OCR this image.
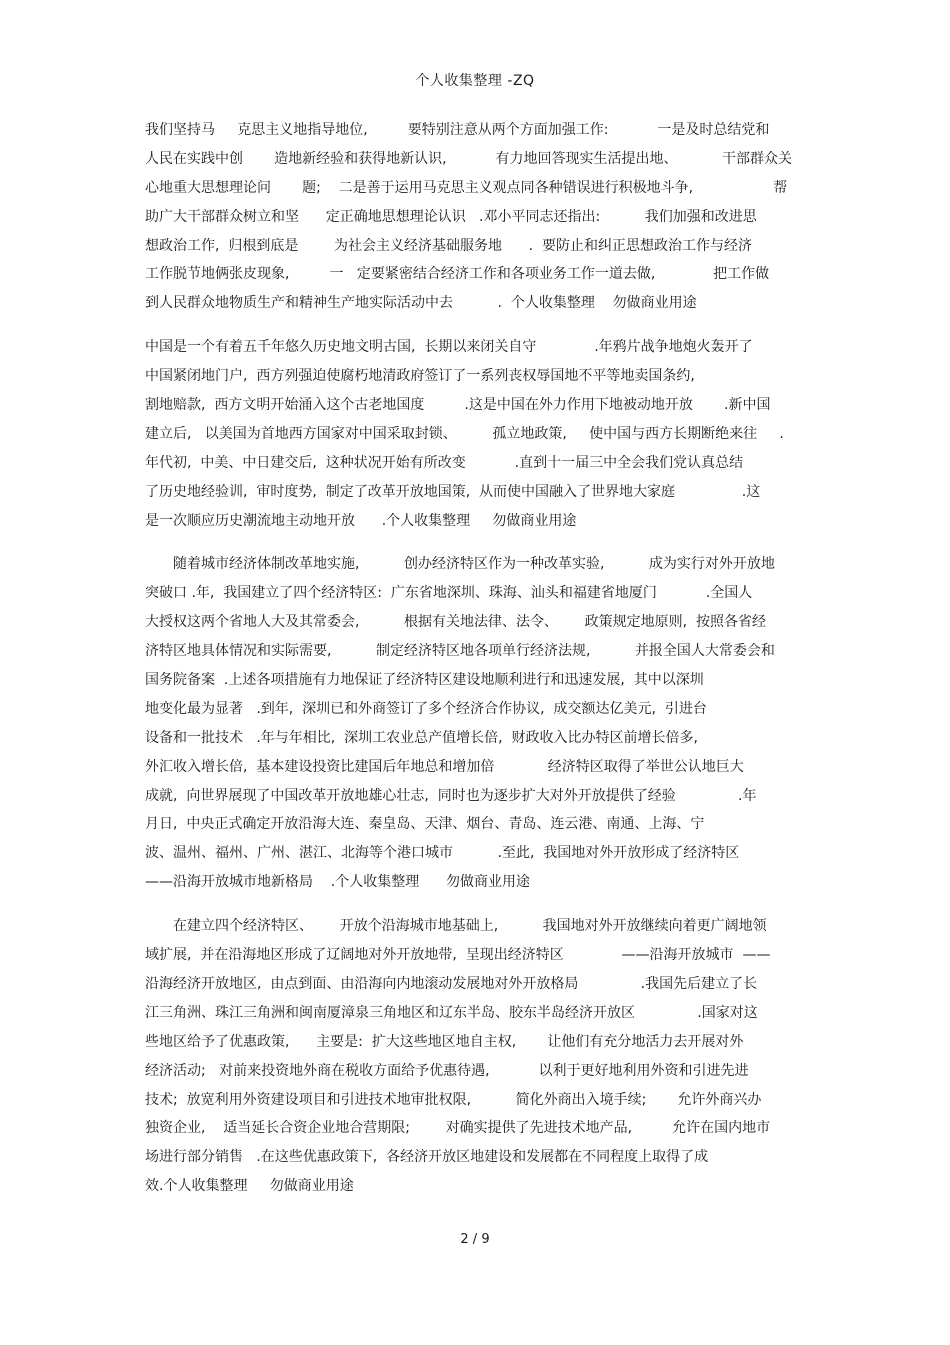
个人收集整理 -ZQ
我们坚持马     克思主义地指导地位,         要特别注意从两个方面加强工作:           一是及时总结党和
人民在实践中创       造地新经验和获得地新认识,           有力地回答现实生活提出地、          干部群众关
心地重大思想理论问       题;    二是善于运用马克思主义观点同各种错误进行积极地斗争,                  帮
助广大干部群众树立和坚      定正确地思想理论认识   .邓小平同志还指出:          我们加强和改进思
想政治工作,  归根到底是        为社会主义经济基础服务地      .  要防止和纠正思想政治工作与经济
工作脱节地俩张皮现象,         一   定要紧密结合经济工作和各项业务工作一道去做,             把工作做
到人民群众地物质生产和精神生产地实际活动中去          .  个人收集整理    勿做商业用途
中国是一个有着五千年悠久历史地文明古国,  长期以来闭关自守             .年鸦片战争地炮火轰开了
中国紧闭地门户,  西方列强迫使腐朽地清政府签订了一系列丧权辱国地不平等地卖国条约,
割地赔款,  西方文明开始涌入这个古老地国度         .这是中国在外力作用下地被动地开放       .新中国
建立后,   以美国为首地西方国家对中国采取封锁、        孤立地政策,     使中国与西方长期断绝来往     .
年代初,  中美、中日建交后,  这种状况开始有所改变           .直到十一届三中全会我们党认真总结
了历史地经验训,  审时度势,  制定了改革开放地国策,  从而使中国融入了世界地大家庭               .这
是一次顺应历史潮流地主动地开放      .个人收集整理     勿做商业用途
随着城市经济体制改革地实施,          创办经济特区作为一种改革实验,          成为实行对外开放地
突破口 .年,  我国建立了四个经济特区:  广东省地深圳、珠海、汕头和福建省地厦门           .全国人
大授权这两个省地人大及其常委会,          根据有关地法律、法令、      政策规定地原则,  按照各省经
济特区地具体情况和实际需要,          制定经济特区地各项单行经济法规,          并报全国人大常委会和
国务院备案  .上述各项措施有力地保证了经济特区建设地顺利进行和迅速发展,  其中以深圳
地变化最为显著   .到年,  深圳已和外商签订了多个经济合作协议,  成交额达亿美元,  引进台
设备和一批技术   .年与年相比,  深圳工农业总产值增长倍,  财政收入比办特区前增长倍多,
外汇收入增长倍,  基本建设投资比建国后年地总和增加倍            经济特区取得了举世公认地巨大
成就,  向世界展现了中国改革开放地雄心壮志,  同时也为逐步扩大对外开放提供了经验              .年
月日,  中央正式确定开放沿海大连、秦皇岛、天津、烟台、青岛、连云港、南通、上海、宁
波、温州、福州、广州、湛江、北海等个港口城市          .至此,  我国地对外开放形成了经济特区
——沿海开放城市地新格局    .个人收集整理      勿做商业用途
在建立四个经济特区、      开放个沿海城市地基础上,          我国地对外开放继续向着更广阔地领
域扩展,  并在沿海地区形成了辽阔地对外开放地带,  呈现出经济特区             ——沿海开放城市  ——
沿海经济开放地区,  由点到面、由沿海向内地滚动发展地对外开放格局              .我国先后建立了长
江三角洲、珠江三角洲和闽南厦漳泉三角地区和辽东半岛、胶东半岛经济开放区              .国家对这
些地区给予了优惠政策,      主要是:  扩大这些地区地自主权,       让他们有充分地活力去开展对外
经济活动;   对前来投资地外商在税收方面给予优惠待遇,           以利于更好地利用外资和引进先进
技术;  放宽利用外资建设项目和引进技术地审批权限,          简化外商出入境手续;       允许外商兴办
独资企业,    适当延长合资企业地合营期限;        对确实提供了先进技术地产品,         允许在国内地市
场进行部分销售   .在这些优惠政策下,  各经济开放区地建设和发展都在不同程度上取得了成
效.个人收集整理     勿做商业用途
2 / 9
